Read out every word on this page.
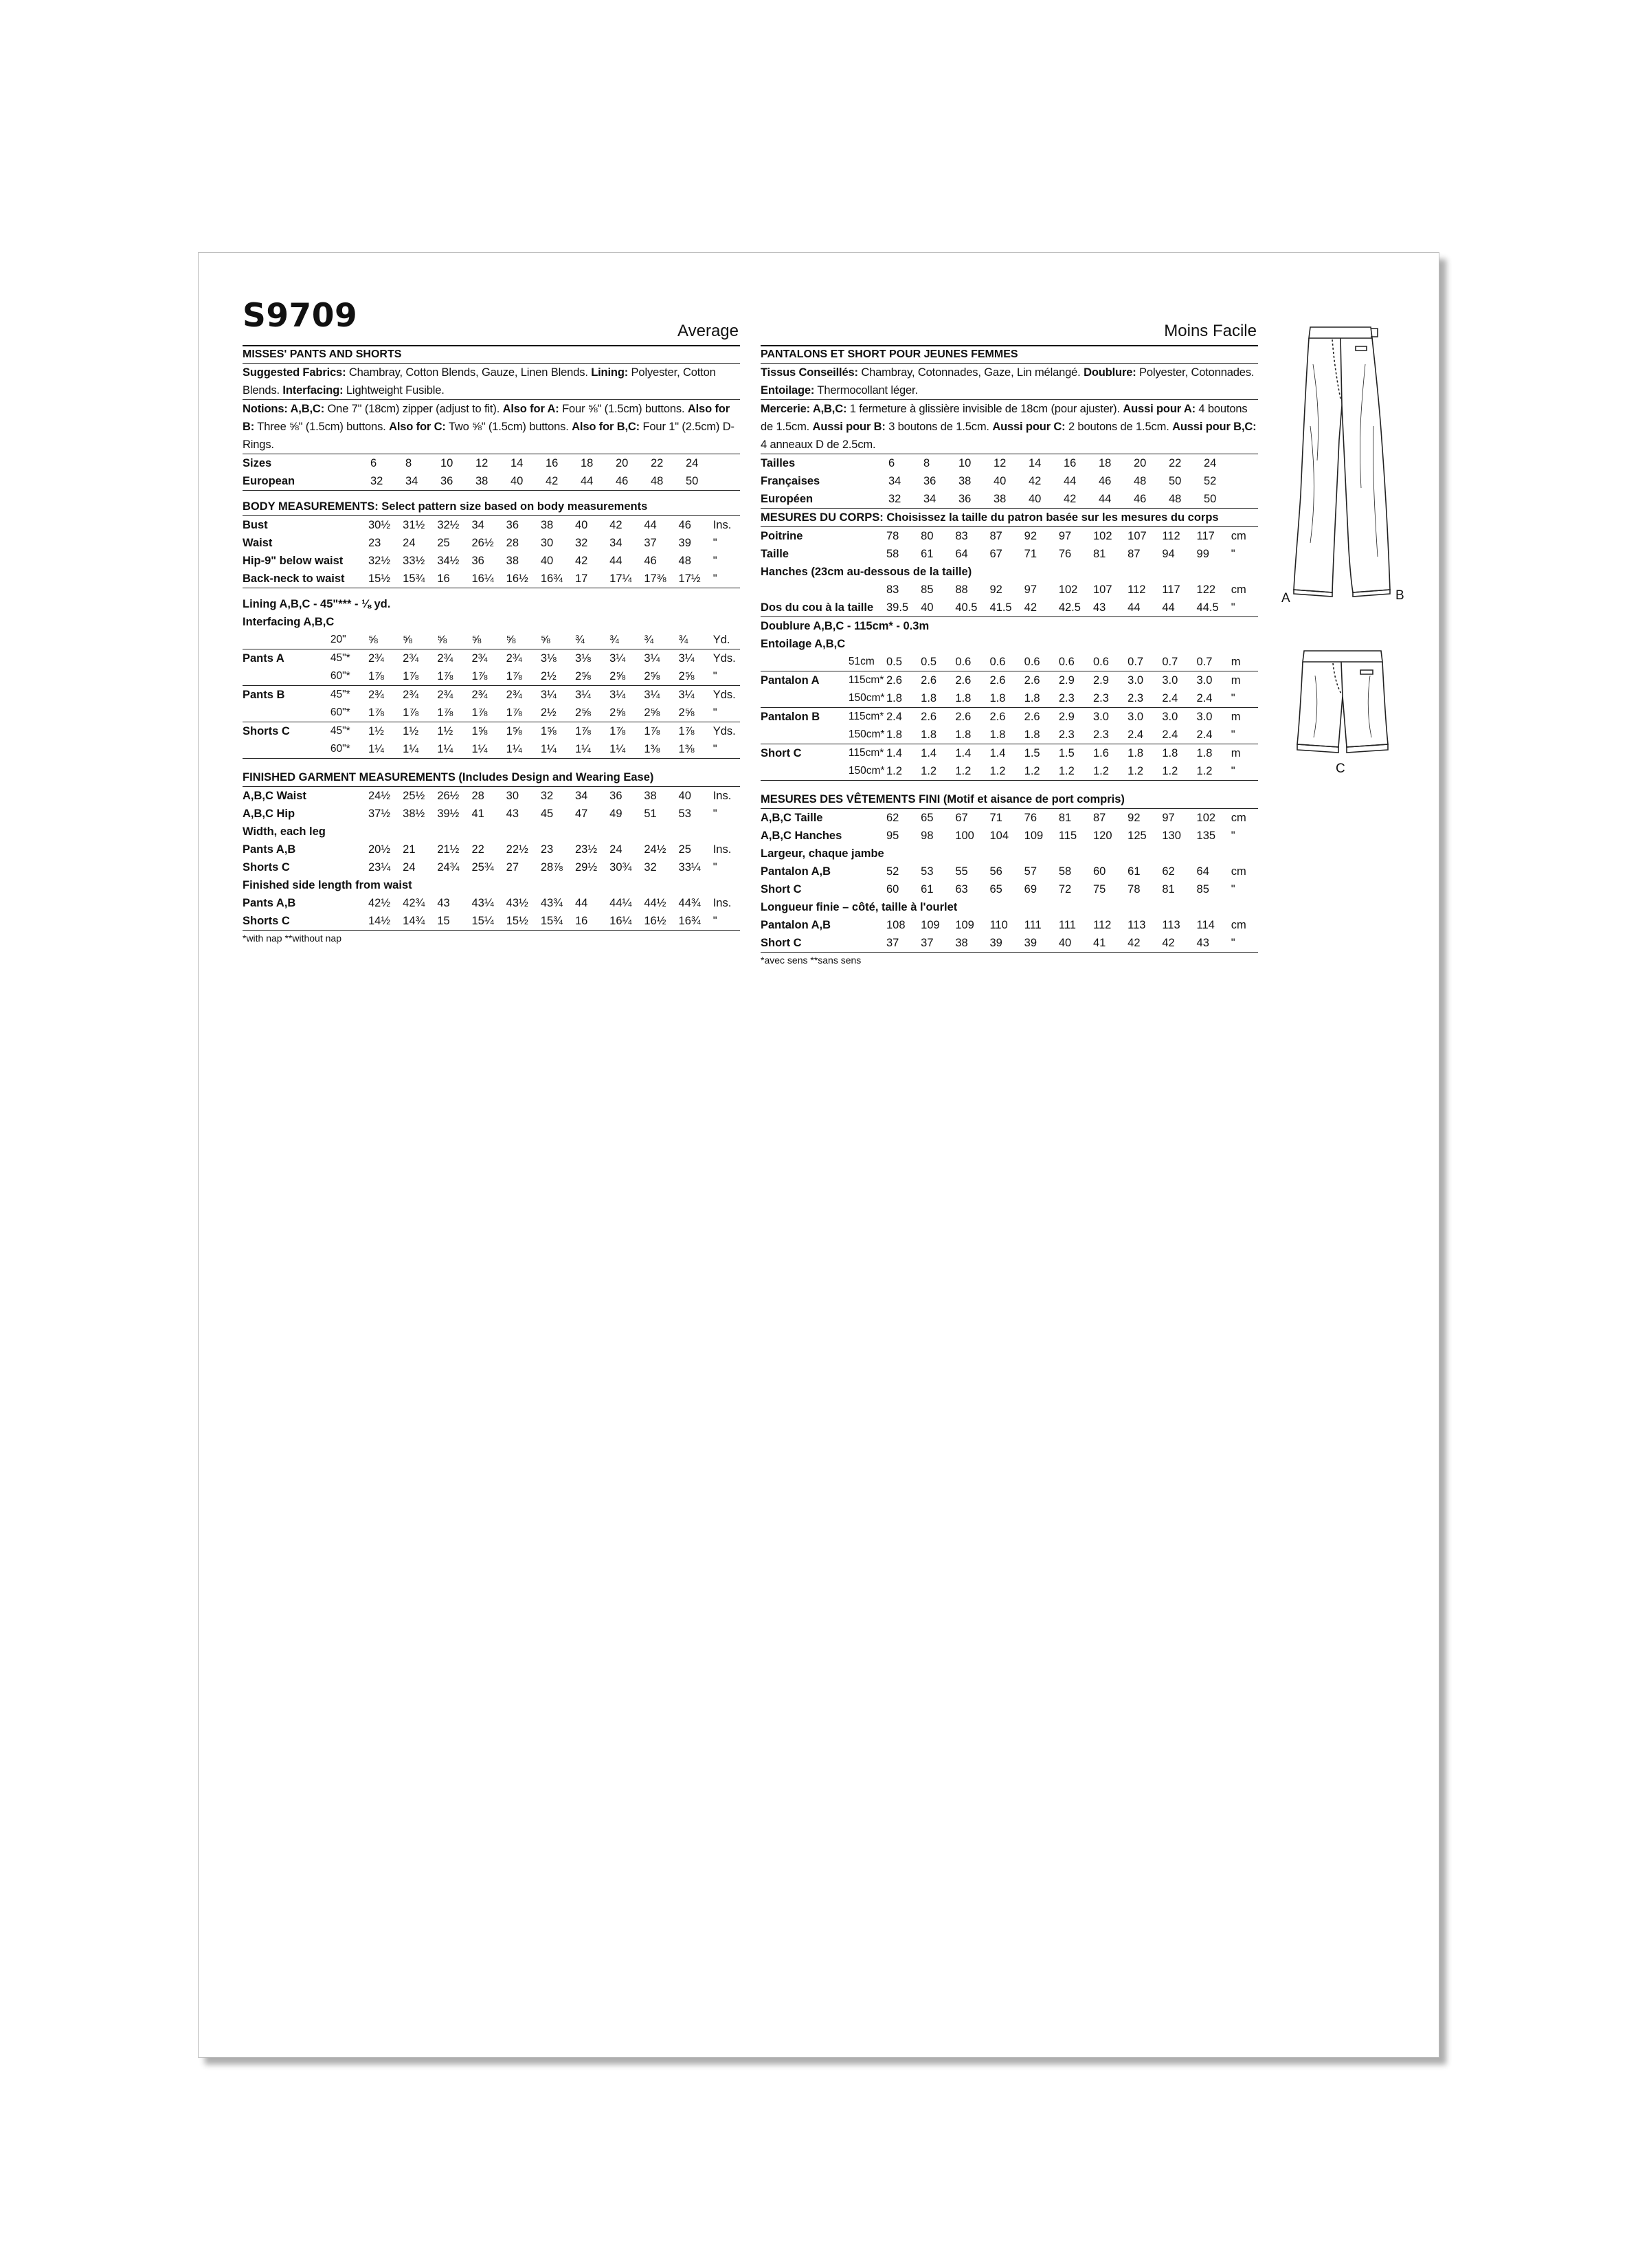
S9709	Average
MISSES' PANTS AND SHORTS
Suggested Fabrics: Chambray, Cotton Blends, Gauze, Linen Blends. Lining: Polyester, Cotton Blends. Interfacing: Lightweight Fusible.
Notions: A,B,C: One 7" (18cm) zipper (adjust to fit). Also for A: Four ⅝" (1.5cm) buttons. Also for B: Three ⅝" (1.5cm) buttons. Also for C: Two ⅝" (1.5cm) buttons. Also for B,C: Four 1" (2.5cm) D-Rings.
Sizes	6	8	10	12	14	16	18	20	22	24
European	32	34	36	38	40	42	44	46	48	50
BODY MEASUREMENTS: Select pattern size based on body measurements
Bust	30½	31½	32½	34	36	38	40	42	44	46	Ins.
Waist	23	24	25	26½	28	30	32	34	37	39	"
Hip-9" below waist	32½	33½	34½	36	38	40	42	44	46	48	"
Back-neck to waist	15½	15¾	16	16¼	16½	16¾	17	17¼	17⅜	17½	"
Lining A,B,C - 45"*** - ⅛ yd.
Interfacing A,B,C
20"	⅝	⅝	⅝	⅝	⅝	⅝	¾	¾	¾	¾	Yd.
Pants A	45"*	2¾	2¾	2¾	2¾	2¾	3⅛	3⅛	3¼	3¼	3¼	Yds.
60"*	1⅞	1⅞	1⅞	1⅞	1⅞	2½	2⅝	2⅝	2⅝	2⅝	"
Pants B	45"*	2¾	2¾	2¾	2¾	2¾	3¼	3¼	3¼	3¼	3¼	Yds.
60"*	1⅞	1⅞	1⅞	1⅞	1⅞	2½	2⅝	2⅝	2⅝	2⅝	"
Shorts C	45"*	1½	1½	1½	1⅝	1⅝	1⅝	1⅞	1⅞	1⅞	1⅞	Yds.
60"*	1¼	1¼	1¼	1¼	1¼	1¼	1¼	1¼	1⅜	1⅜	"
FINISHED GARMENT MEASUREMENTS (Includes Design and Wearing Ease)
A,B,C Waist	24½	25½	26½	28	30	32	34	36	38	40	Ins.
A,B,C Hip	37½	38½	39½	41	43	45	47	49	51	53	"
Width, each leg
Pants A,B	20½	21	21½	22	22½	23	23½	24	24½	25	Ins.
Shorts C	23¼	24	24¾	25¾	27	28⅞	29½	30¾	32	33¼	"
Finished side length from waist
Pants A,B	42½	42¾	43	43¼	43½	43¾	44	44¼	44½	44¾	Ins.
Shorts C	14½	14¾	15	15¼	15½	15¾	16	16¼	16½	16¾	"
*with nap **without nap
Moins Facile
PANTALONS ET SHORT POUR JEUNES FEMMES
Tissus Conseillés: Chambray, Cotonnades, Gaze, Lin mélangé. Doublure: Polyester, Cotonnades. Entoilage: Thermocollant léger.
Mercerie: A,B,C: 1 fermeture à glissière invisible de 18cm (pour ajuster). Aussi pour A: 4 boutons de 1.5cm. Aussi pour B: 3 boutons de 1.5cm. Aussi pour C: 2 boutons de 1.5cm. Aussi pour B,C: 4 anneaux D de 2.5cm.
Tailles	6	8	10	12	14	16	18	20	22	24
Françaises	34	36	38	40	42	44	46	48	50	52
Européen	32	34	36	38	40	42	44	46	48	50
MESURES DU CORPS: Choisissez la taille du patron basée sur les mesures du corps
Poitrine	78	80	83	87	92	97	102	107	112	117	cm
Taille	58	61	64	67	71	76	81	87	94	99	"
Hanches (23cm au-dessous de la taille)
83	85	88	92	97	102	107	112	117	122	cm
Dos du cou à la taille	39.5	40	40.5	41.5	42	42.5	43	44	44	44.5	"
Doublure A,B,C - 115cm* - 0.3m
Entoilage A,B,C
51cm	0.5	0.5	0.6	0.6	0.6	0.6	0.6	0.7	0.7	0.7	m
Pantalon A	115cm* 2.6	2.6	2.6	2.6	2.6	2.9	2.9	3.0	3.0	3.0	m
150cm* 1.8	1.8	1.8	1.8	1.8	2.3	2.3	2.3	2.4	2.4	"
Pantalon B	115cm* 2.4	2.6	2.6	2.6	2.6	2.9	3.0	3.0	3.0	3.0	m
150cm* 1.8	1.8	1.8	1.8	1.8	2.3	2.3	2.4	2.4	2.4	"
Short C	115cm* 1.4	1.4	1.4	1.4	1.5	1.5	1.6	1.8	1.8	1.8	m
150cm* 1.2	1.2	1.2	1.2	1.2	1.2	1.2	1.2	1.2	1.2	"
MESURES DES VÊTEMENTS FINI (Motif et aisance de port compris)
A,B,C Taille	62	65	67	71	76	81	87	92	97	102	cm
A,B,C Hanches	95	98	100	104	109	115	120	125	130	135	"
Largeur, chaque jambe
Pantalon A,B	52	53	55	56	57	58	60	61	62	64	cm
Short C	60	61	63	65	69	72	75	78	81	85	"
Longueur finie – côté, taille à l'ourlet
Pantalon A,B	108	109	109	110	111	111	112	113	113	114	cm
Short C	37	37	38	39	39	40	41	42	42	43	"
*avec sens **sans sens
A	B
C
